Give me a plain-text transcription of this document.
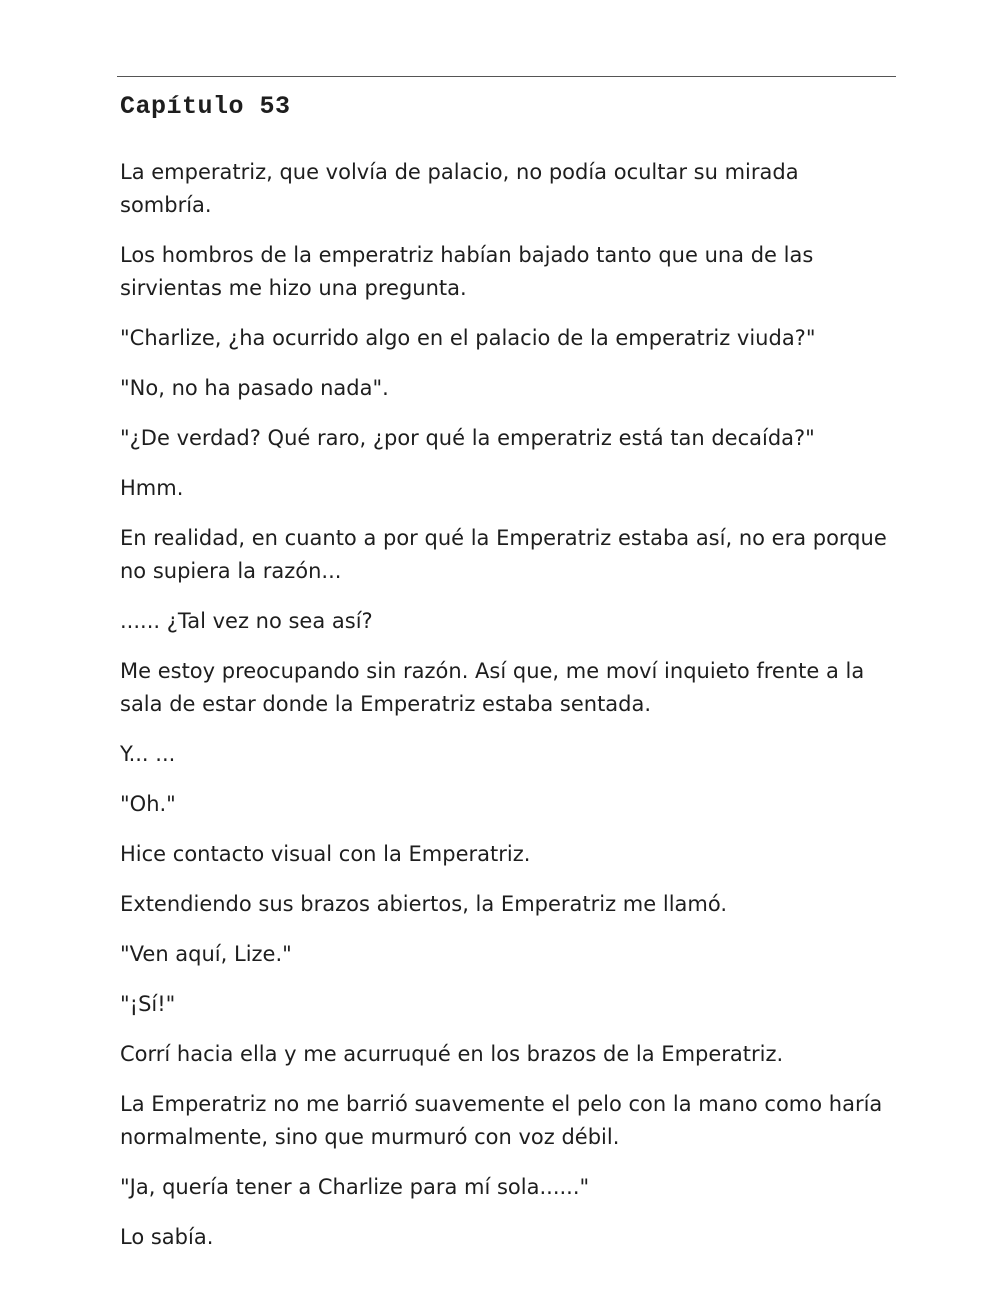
Capítulo 53

La emperatriz, que volvía de palacio, no podía ocultar su mirada sombría.

Los hombros de la emperatriz habían bajado tanto que una de las sirvientas me hizo una pregunta.

"Charlize, ¿ha ocurrido algo en el palacio de la emperatriz viuda?"

"No, no ha pasado nada".

"¿De verdad? Qué raro, ¿por qué la emperatriz está tan decaída?"

Hmm.

En realidad, en cuanto a por qué la Emperatriz estaba así, no era porque no supiera la razón...

...... ¿Tal vez no sea así?

Me estoy preocupando sin razón. Así que, me moví inquieto frente a la sala de estar donde la Emperatriz estaba sentada.

Y... ...

"Oh."

Hice contacto visual con la Emperatriz.

Extendiendo sus brazos abiertos, la Emperatriz me llamó.

"Ven aquí, Lize."

"¡Sí!"

Corrí hacia ella y me acurruqué en los brazos de la Emperatriz.

La Emperatriz no me barrió suavemente el pelo con la mano como haría normalmente, sino que murmuró con voz débil.

"Ja, quería tener a Charlize para mí sola......"

Lo sabía.
